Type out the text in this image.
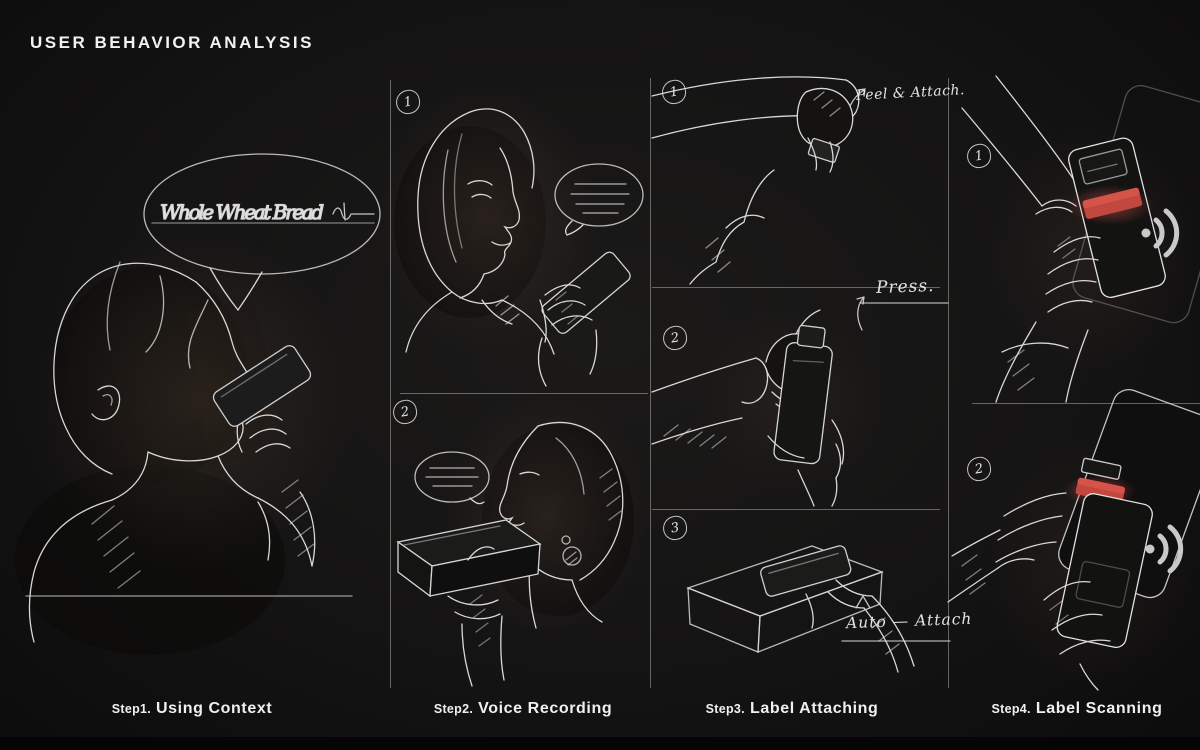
USER BEHAVIOR ANALYSIS
Whole Wheat Bread
1
2
1
2
3
1
2
Peel & Attach.
Press.
Auto — Attach
Step1. Using Context	Step2. Voice Recording	Step3. Label Attaching	Step4. Label Scanning
